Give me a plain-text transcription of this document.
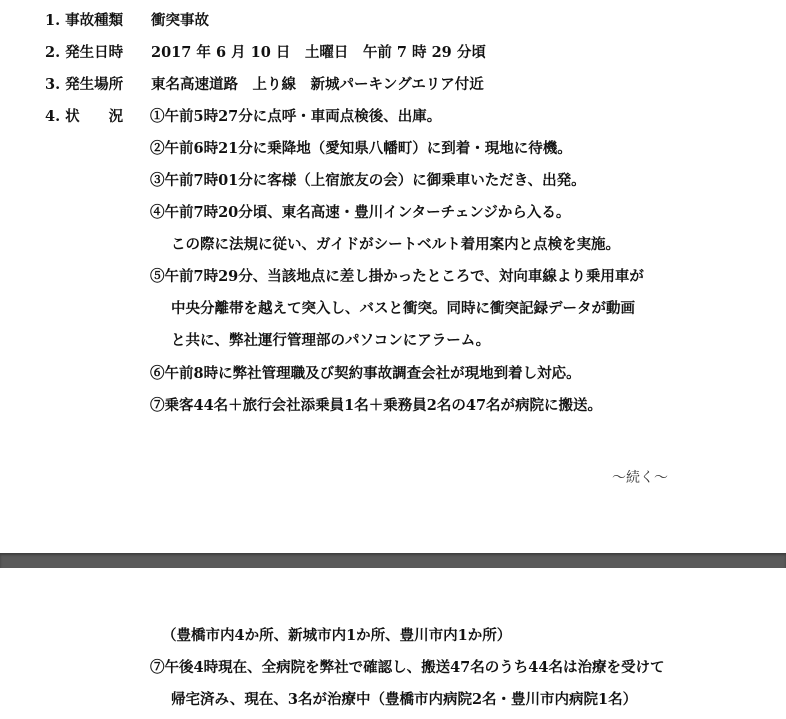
1. 事故種類 衝突事故
2. 発生日時 2017 年 6 月 10 日　土曜日　午前 7 時 29 分頃
3. 発生場所 東名高速道路　上り線　新城パーキングエリア付近
4. 状　　況 ①午前5時27分に点呼・車両点検後、出庫。
②午前6時21分に乗降地（愛知県八幡町）に到着・現地に待機。
③午前7時01分に客様（上宿旅友の会）に御乗車いただき、出発。
④午前7時20分頃、東名高速・豊川インターチェンジから入る。
この際に法規に従い、ガイドがシートベルト着用案内と点検を実施。
⑤午前7時29分、当該地点に差し掛かったところで、対向車線より乗用車が
中央分離帯を越えて突入し、バスと衝突。同時に衝突記録データが動画
と共に、弊社運行管理部のパソコンにアラーム。
⑥午前8時に弊社管理職及び契約事故調査会社が現地到着し対応。
⑦乗客44名＋旅行会社添乗員1名＋乗務員2名の47名が病院に搬送。
～続く～
（豊橋市内4か所、新城市内1か所、豊川市内1か所）
⑦午後4時現在、全病院を弊社で確認し、搬送47名のうち44名は治療を受けて
帰宅済み、現在、3名が治療中（豊橋市内病院2名・豊川市内病院1名）
